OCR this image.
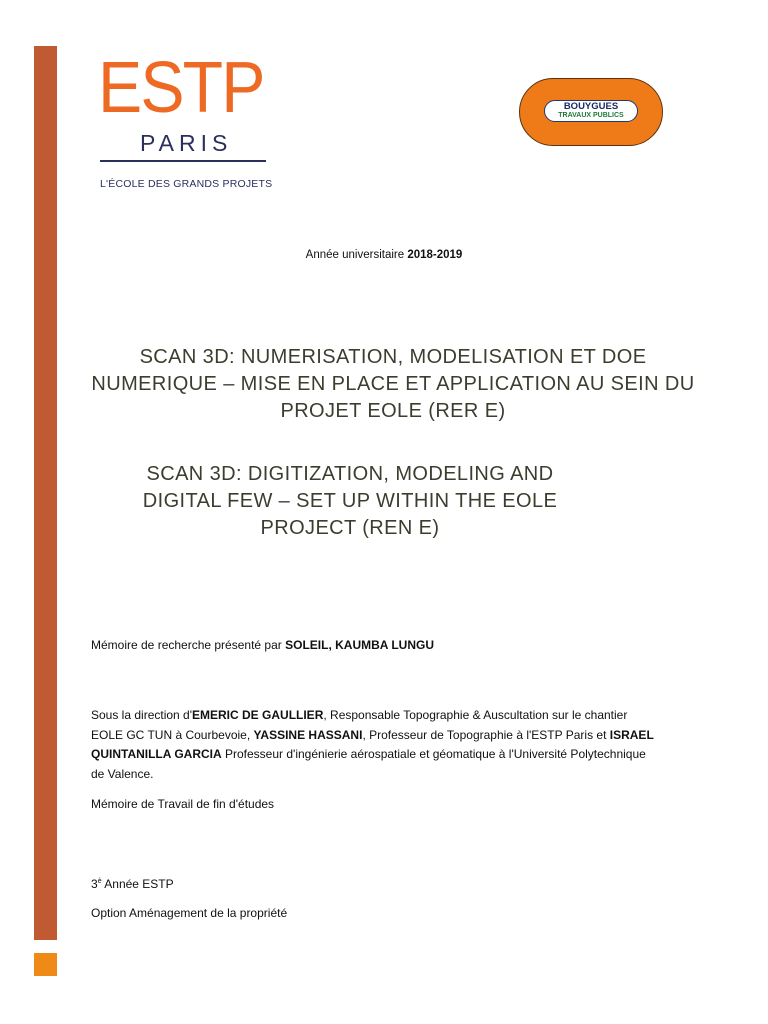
ESTP
PARIS
L'ÉCOLE DES GRANDS PROJETS
BOUYGUES
TRAVAUX PUBLICS
Année universitaire 2018-2019
SCAN 3D: NUMERISATION, MODELISATION ET DOE NUMERIQUE – MISE EN PLACE ET APPLICATION AU SEIN DU PROJET EOLE (RER E)
SCAN 3D: DIGITIZATION, MODELING AND DIGITAL FEW – SET UP WITHIN THE EOLE PROJECT (REN E)
Mémoire de recherche présenté par SOLEIL, KAUMBA LUNGU
Sous la direction d'EMERIC DE GAULLIER, Responsable Topographie & Auscultation sur le chantier EOLE GC TUN à Courbevoie, YASSINE HASSANI, Professeur de Topographie à l'ESTP Paris et ISRAEL QUINTANILLA GARCIA Professeur d'ingénierie aérospatiale et géomatique à l'Université Polytechnique de Valence.
Mémoire de Travail de fin d'études
$3^è$ Année ESTP
Option Aménagement de la propriété
